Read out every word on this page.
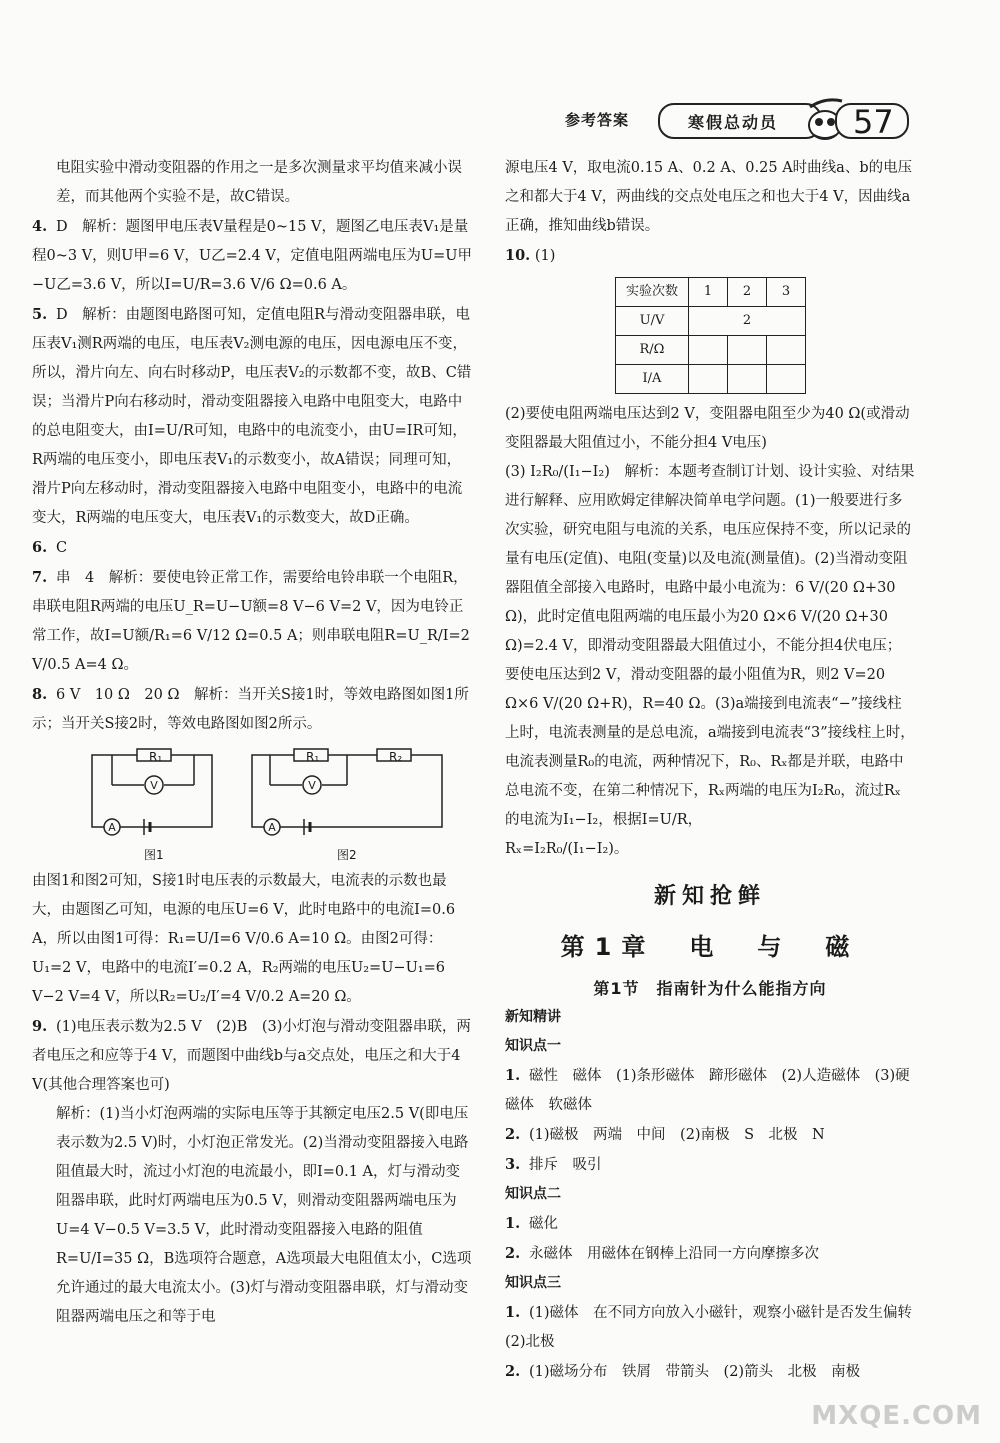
参考答案	寒假总动员 57

电阻实验中滑动变阻器的作用之一是多次测量求平均值来减小误差，而其他两个实验不是，故C错误。

4. D　解析：题图甲电压表V量程是0~15 V，题图乙电压表V₁是量程0~3 V，则U甲=6 V，U乙=2.4 V，定值电阻两端电压为U=U甲−U乙=3.6 V，所以I=U/R=3.6 V/6 Ω=0.6 A。
5. D　解析：由题图电路图可知，定值电阻R与滑动变阻器串联，电压表V₁测R两端的电压，电压表V₂测电源的电压，因电源电压不变，所以，滑片向左、向右时移动P，电压表V₂的示数都不变，故B、C错误；当滑片P向右移动时，滑动变阻器接入电路中电阻变大，电路中的总电阻变大，由I=U/R可知，电路中的电流变小，由U=IR可知，R两端的电压变小，即电压表V₁的示数变小，故A错误；同理可知，滑片P向左移动时，滑动变阻器接入电路中电阻变小，电路中的电流变大，R两端的电压变大，电压表V₁的示数变大，故D正确。
6. C
7. 串　4　解析：要使电铃正常工作，需要给电铃串联一个电阻R，串联电阻R两端的电压U_R=U−U额=8 V−6 V=2 V，因为电铃正常工作，故I=U额/R₁=6 V/12 Ω=0.5 A；则串联电阻R=U_R/I=2 V/0.5 A=4 Ω。
8. 6 V　10 Ω　20 Ω　解析：当开关S接1时，等效电路图如图1所示；当开关S接2时，等效电路图如图2所示。
V
A
V
A
R₁	R₁	R₂
图1	图2

由图1和图2可知，S接1时电压表的示数最大，电流表的示数也最大，由题图乙可知，电源的电压U=6 V，此时电路中的电流I=0.6 A，所以由图1可得：R₁=U/I=6 V/0.6 A=10 Ω。由图2可得：U₁=2 V，电路中的电流I′=0.2 A，R₂两端的电压U₂=U−U₁=6 V−2 V=4 V，所以R₂=U₂/I′=4 V/0.2 A=20 Ω。

9. (1)电压表示数为2.5 V　(2)B　(3)小灯泡与滑动变阻器串联，两者电压之和应等于4 V，而题图中曲线b与a交点处，电压之和大于4 V(其他合理答案也可)

解析：(1)当小灯泡两端的实际电压等于其额定电压2.5 V(即电压表示数为2.5 V)时，小灯泡正常发光。(2)当滑动变阻器接入电路阻值最大时，流过小灯泡的电流最小，即I=0.1 A，灯与滑动变阻器串联，此时灯两端电压为0.5 V，则滑动变阻器两端电压为U=4 V−0.5 V=3.5 V，此时滑动变阻器接入电路的阻值R=U/I=35 Ω，B选项符合题意，A选项最大电阻值太小，C选项允许通过的最大电流太小。(3)灯与滑动变阻器串联，灯与滑动变阻器两端电压之和等于电

源电压4 V，取电流0.15 A、0.2 A、0.25 A时曲线a、b的电压之和都大于4 V，两曲线的交点处电压之和也大于4 V，因曲线a正确，推知曲线b错误。

10. (1)
实验次数	1	2	3
U/V	2		
R/Ω			
I/A			

(2)要使电阻两端电压达到2 V，变阻器电阻至少为40 Ω(或滑动变阻器最大阻值过小，不能分担4 V电压)

(3) I₂R₀/(I₁−I₂)　解析：本题考查制订计划、设计实验、对结果进行解释、应用欧姆定律解决简单电学问题。(1)一般要进行多次实验，研究电阻与电流的关系，电压应保持不变，所以记录的量有电压(定值)、电阻(变量)以及电流(测量值)。(2)当滑动变阻器阻值全部接入电路时，电路中最小电流为：6 V/(20 Ω+30 Ω)，此时定值电阻两端的电压最小为20 Ω×6 V/(20 Ω+30 Ω)=2.4 V，即滑动变阻器最大阻值过小，不能分担4伏电压；要使电压达到2 V，滑动变阻器的最小阻值为R，则2 V=20 Ω×6 V/(20 Ω+R)，R=40 Ω。(3)a端接到电流表“−”接线柱上时，电流表测量的是总电流，a端接到电流表“3”接线柱上时，电流表测量R₀的电流，两种情况下，R₀、Rₓ都是并联，电路中总电流不变，在第二种情况下，Rₓ两端的电压为I₂R₀，流过Rₓ的电流为I₁−I₂，根据I=U/R，

Rₓ=I₂R₀/(I₁−I₂)。

新知抢鲜
第1章　电　与　磁
第1节　指南针为什么能指方向
新知精讲
知识点一
1. 磁性　磁体　(1)条形磁体　蹄形磁体　(2)人造磁体　(3)硬磁体　软磁体
2. (1)磁极　两端　中间　(2)南极　S　北极　N
3. 排斥　吸引
知识点二
1. 磁化
2. 永磁体　用磁体在钢棒上沿同一方向摩擦多次
知识点三
1. (1)磁体　在不同方向放入小磁针，观察小磁针是否发生偏转　(2)北极
2. (1)磁场分布　铁屑　带箭头　(2)箭头　北极　南极
MXQE.COM
